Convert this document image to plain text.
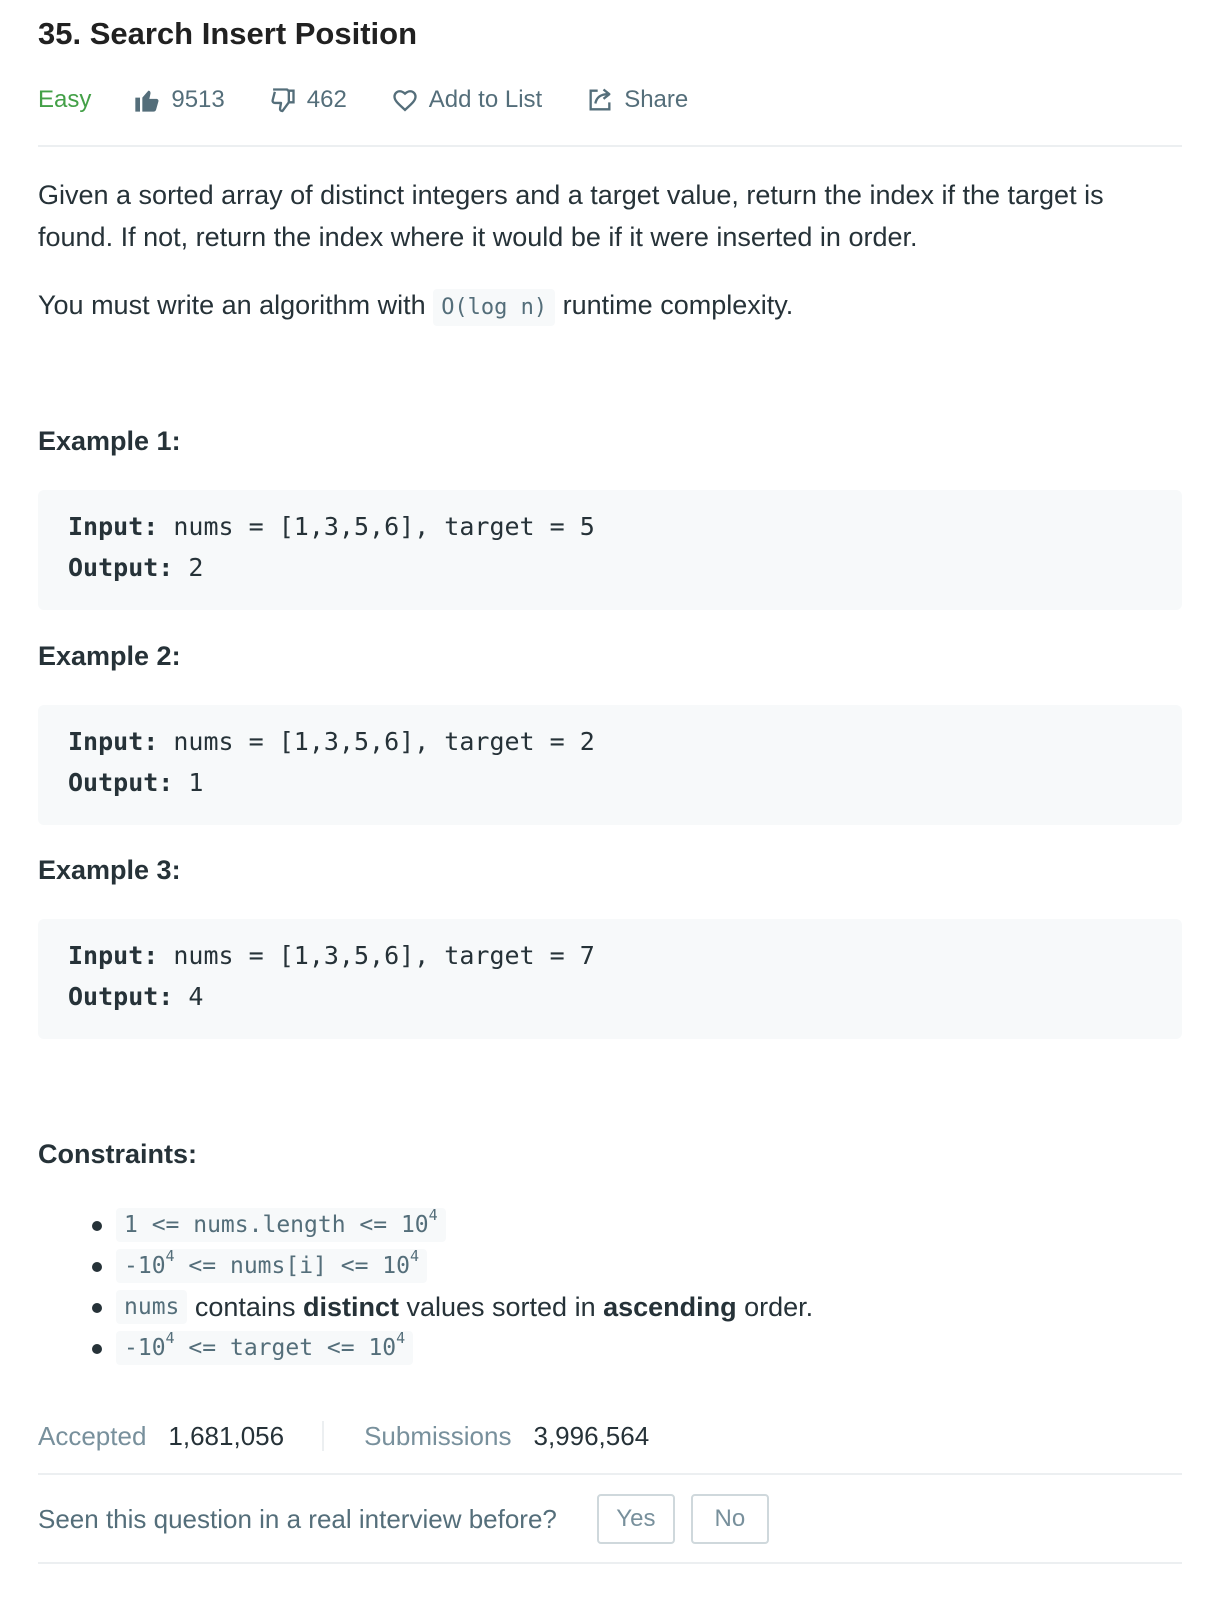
35. Search Insert Position
Easy	9513	462	Add to List	Share
Given a sorted array of distinct integers and a target value, return the index if the target is found. If not, return the index where it would be if it were inserted in order.
You must write an algorithm with O(log n) runtime complexity.
Example 1:
Input: nums = [1,3,5,6], target = 5
Output: 2
Example 2:
Input: nums = [1,3,5,6], target = 2
Output: 1
Example 3:
Input: nums = [1,3,5,6], target = 7
Output: 4
Constraints:
1 <= nums.length <= $10^4$
$-10^4$ <= nums[i] <= $10^4$
nums contains distinct values sorted in ascending order.
$-10^4$ <= target <= $10^4$
Accepted 1,681,056	Submissions 3,996,564
Seen this question in a real interview before?	Yes	No
